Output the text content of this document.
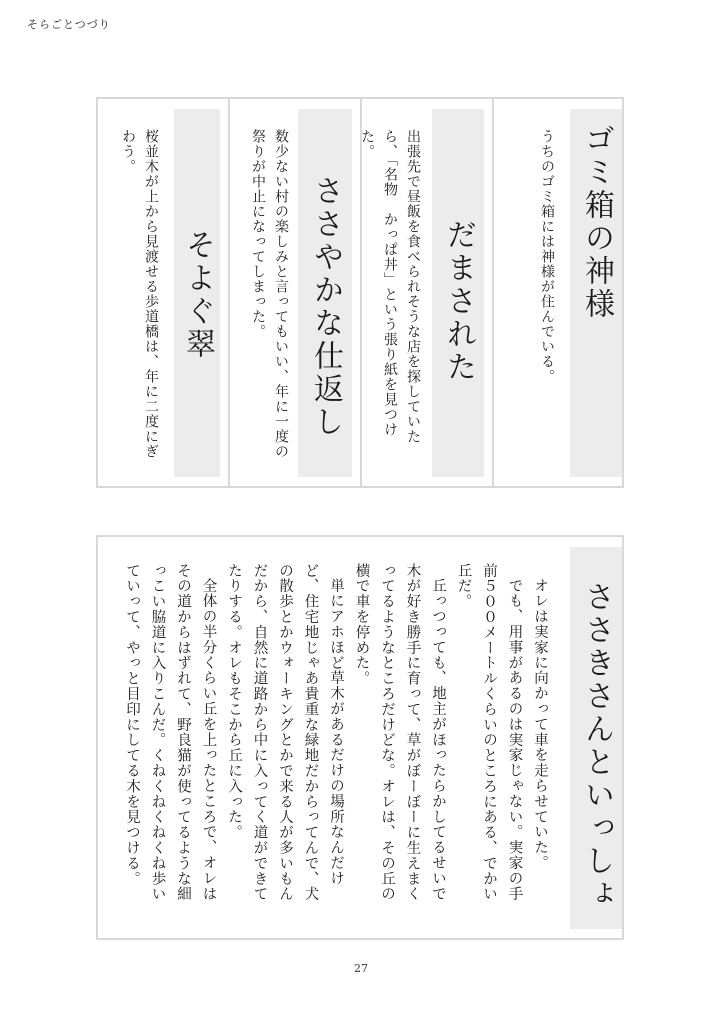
そらごとつづり
ゴミ箱の神様
うちのゴミ箱には神様が住んでいる。
だまされた
出張先で昼飯を食べられそうな店を探していたら、「名物　かっぱ丼」という張り紙を見つけた。
ささやかな仕返し
数少ない村の楽しみと言ってもいい、年に一度の祭りが中止になってしまった。
そよぐ翠
桜並木が上から見渡せる歩道橋は、年に二度にぎわう。
ささきさんといっしょ

オレは実家に向かって車を走らせていた。

でも、用事があるのは実家じゃない。実家の手前５００メートルくらいのところにある、でかい丘だ。

丘っつっても、地主がほったらかしてるせいで木が好き勝手に育って、草がぼーぼーに生えまくってるようなところだけどな。オレは、その丘の横で車を停めた。

単にアホほど草木があるだけの場所なんだけど、住宅地じゃあ貴重な緑地だからってんで、犬の散歩とかウォーキングとかで来る人が多いもんだから、自然に道路から中に入ってく道ができてたりする。オレもそこから丘に入った。

全体の半分くらい丘を上ったところで、オレはその道からはずれて、野良猫が使ってるような細っこい脇道に入りこんだ。くねくねくねくね歩いていって、やっと目印にしてる木を見つける。

27
